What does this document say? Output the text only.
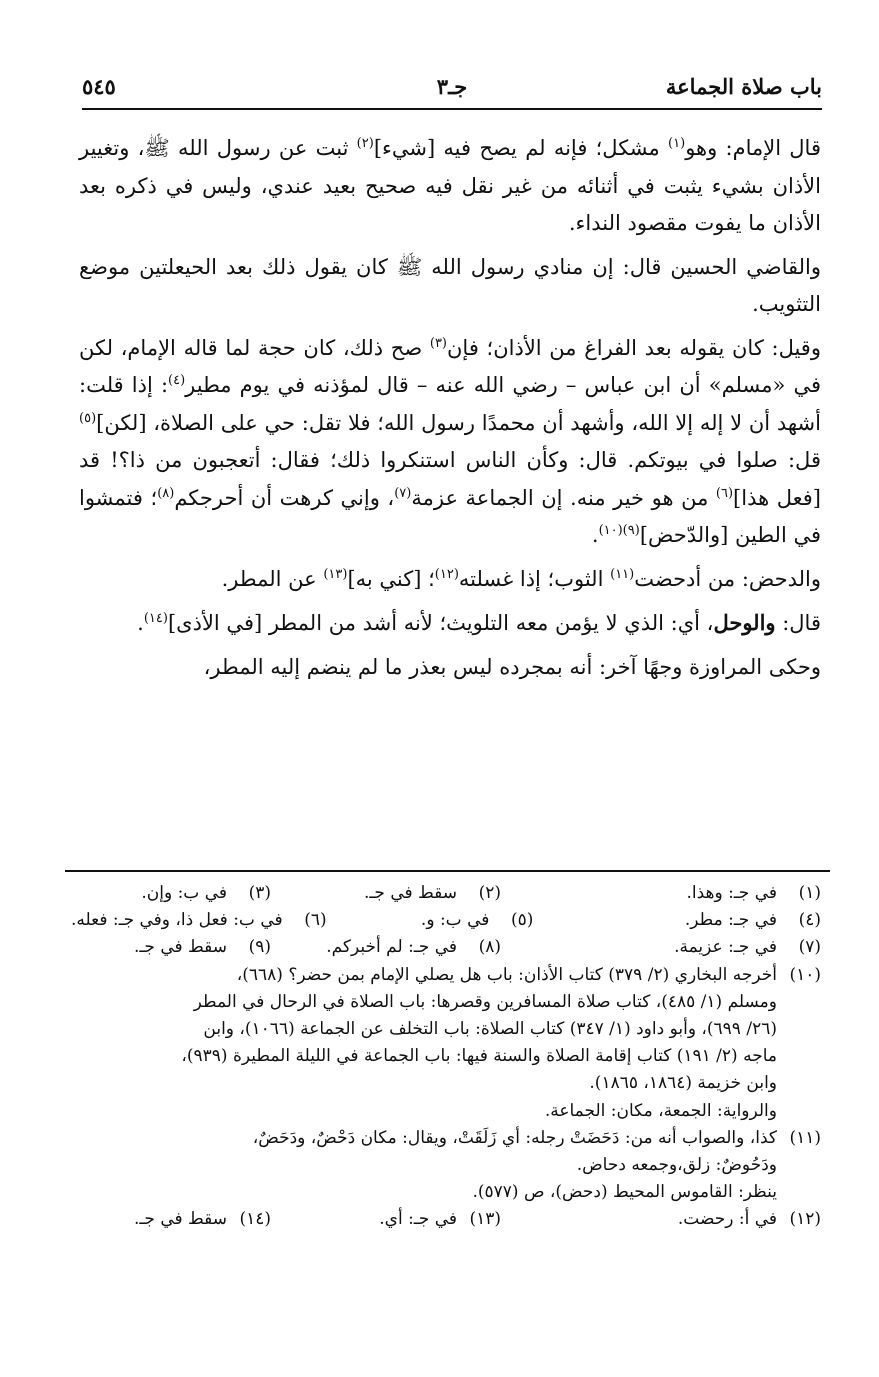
باب صلاة الجماعة
جـ٣
٥٤٥

قال الإمام: وهو$^{(١)}$ مشكل؛ فإنه لم يصح فيه [شيء]$^{(٢)}$ ثبت عن رسول الله ﷺ، وتغيير الأذان بشيء يثبت في أثنائه من غير نقل فيه صحيح بعيد عندي، وليس في ذكره بعد الأذان ما يفوت مقصود النداء.

والقاضي الحسين قال: إن منادي رسول الله ﷺ كان يقول ذلك بعد الحيعلتين موضع التثويب.

وقيل: كان يقوله بعد الفراغ من الأذان؛ فإن$^{(٣)}$ صح ذلك، كان حجة لما قاله الإمام، لكن في «مسلم» أن ابن عباس – رضي الله عنه – قال لمؤذنه في يوم مطير$^{(٤)}$: إذا قلت: أشهد أن لا إله إلا الله، وأشهد أن محمدًا رسول الله؛ فلا تقل: حي على الصلاة، [لكن]$^{(٥)}$ قل: صلوا في بيوتكم. قال: وكأن الناس استنكروا ذلك؛ فقال: أتعجبون من ذا؟! قد [فعل هذا]$^{(٦)}$ من هو خير منه. إن الجماعة عزمة$^{(٧)}$، وإني كرهت أن أحرجكم$^{(٨)}$؛ فتمشوا في الطين [والدّحض]$^{(٩)(١٠)}$.

والدحض: من أدحضت$^{(١١)}$ الثوب؛ إذا غسلته$^{(١٢)}$؛ [كني به]$^{(١٣)}$ عن المطر.

قال: والوحل، أي: الذي لا يؤمن معه التلويث؛ لأنه أشد من المطر [في الأذى]$^{(١٤)}$.

وحكى المراوزة وجهًا آخر: أنه بمجرده ليس بعذر ما لم ينضم إليه المطر،

(١)
في جـ: وهذا.
(٢)
سقط في جـ.
(٣)
في ب: وإن.
(٤)
في جـ: مطر.
(٥)
في ب: و.
(٦)
في ب: فعل ذا، وفي جـ: فعله.
(٧)
في جـ: عزيمة.
(٨)
في جـ: لم أخبركم.
(٩)
سقط في جـ.
(١٠)
أخرجه البخاري (٢/ ٣٧٩) كتاب الأذان: باب هل يصلي الإمام بمن حضر؟ (٦٦٨)،
ومسلم (١/ ٤٨٥)، كتاب صلاة المسافرين وقصرها: باب الصلاة في الرحال في المطر
(٢٦/ ٦٩٩)، وأبو داود (١/ ٣٤٧) كتاب الصلاة: باب التخلف عن الجماعة (١٠٦٦)، وابن
ماجه (٢/ ١٩١) كتاب إقامة الصلاة والسنة فيها: باب الجماعة في الليلة المطيرة (٩٣٩)،
وابن خزيمة (١٨٦٤، ١٨٦٥).
والرواية: الجمعة، مكان: الجماعة.
(١١)
كذا، والصواب أنه من: دَحَضَتْ رجله: أي زَلَقَتْ، ويقال: مكان دَحْضٌ، ودَحَضٌ،
ودَحُوضٌ: زلق،وجمعه دحاض.
ينظر: القاموس المحيط (دحض)، ص (٥٧٧).
(١٢)
في أ: رحضت.
(١٣)
في جـ: أي.
(١٤)
سقط في جـ.
